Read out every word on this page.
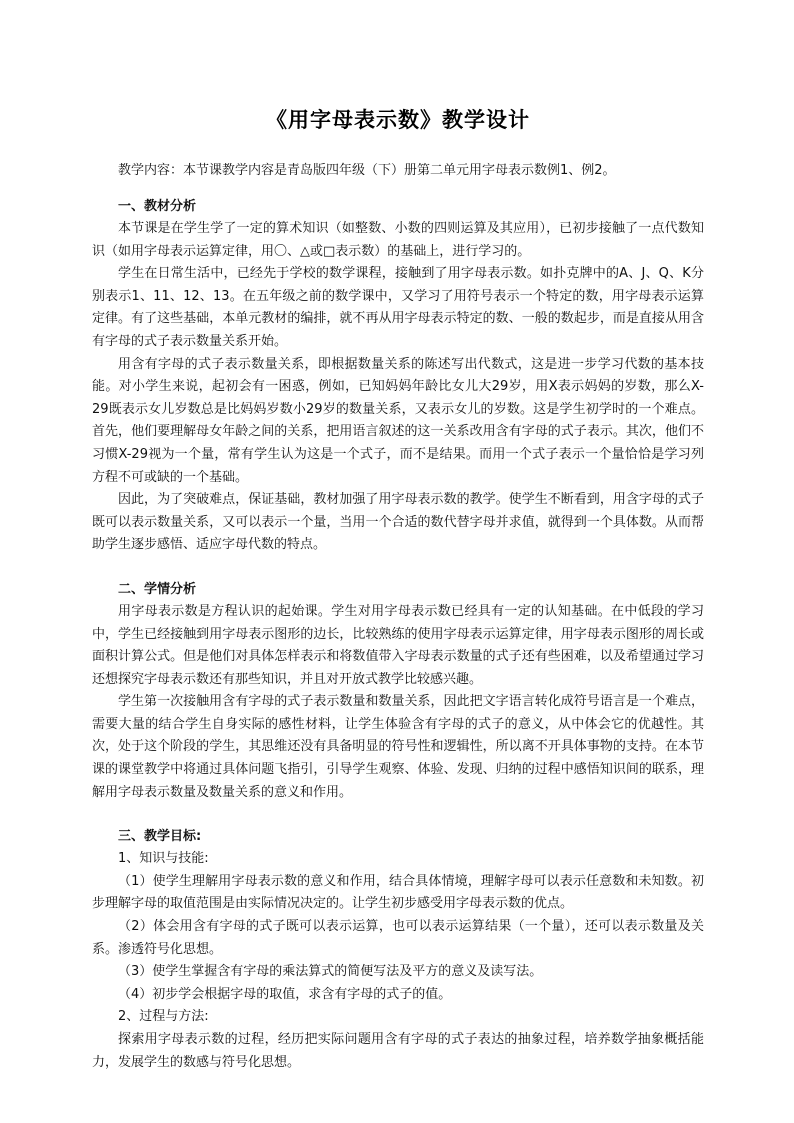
《用字母表示数》教学设计
教学内容：本节课教学内容是青岛版四年级（下）册第二单元用字母表示数例1、例2。
一、教材分析

本节课是在学生学了一定的算术知识（如整数、小数的四则运算及其应用），已初步接触了一点代数知识（如用字母表示运算定律，用〇、△或□表示数）的基础上，进行学习的。

学生在日常生活中，已经先于学校的数学课程，接触到了用字母表示数。如扑克牌中的A、J、Q、K分别表示1、11、12、13。在五年级之前的数学课中，又学习了用符号表示一个特定的数，用字母表示运算定律。有了这些基础，本单元教材的编排，就不再从用字母表示特定的数、一般的数起步，而是直接从用含有字母的式子表示数量关系开始。

用含有字母的式子表示数量关系，即根据数量关系的陈述写出代数式，这是进一步学习代数的基本技能。对小学生来说，起初会有一困惑，例如，已知妈妈年龄比女儿大29岁，用X表示妈妈的岁数，那么X-29既表示女儿岁数总是比妈妈岁数小29岁的数量关系，又表示女儿的岁数。这是学生初学时的一个难点。首先，他们要理解母女年龄之间的关系，把用语言叙述的这一关系改用含有字母的式子表示。其次，他们不习惯X-29视为一个量，常有学生认为这是一个式子，而不是结果。而用一个式子表示一个量恰恰是学习列方程不可或缺的一个基础。

因此，为了突破难点，保证基础，教材加强了用字母表示数的教学。使学生不断看到，用含字母的式子既可以表示数量关系，又可以表示一个量，当用一个合适的数代替字母并求值，就得到一个具体数。从而帮助学生逐步感悟、适应字母代数的特点。

二、学情分析

用字母表示数是方程认识的起始课。学生对用字母表示数已经具有一定的认知基础。在中低段的学习中，学生已经接触到用字母表示图形的边长，比较熟练的使用字母表示运算定律，用字母表示图形的周长或面积计算公式。但是他们对具体怎样表示和将数值带入字母表示数量的式子还有些困难，以及希望通过学习还想探究字母表示数还有那些知识，并且对开放式教学比较感兴趣。

学生第一次接触用含有字母的式子表示数量和数量关系，因此把文字语言转化成符号语言是一个难点，需要大量的结合学生自身实际的感性材料，让学生体验含有字母的式子的意义，从中体会它的优越性。其次，处于这个阶段的学生，其思维还没有具备明显的符号性和逻辑性，所以离不开具体事物的支持。在本节课的课堂教学中将通过具体问题飞指引，引导学生观察、体验、发现、归纳的过程中感悟知识间的联系，理解用字母表示数量及数量关系的意义和作用。

三、教学目标:

1、知识与技能:

（1）使学生理解用字母表示数的意义和作用，结合具体情境，理解字母可以表示任意数和未知数。初步理解字母的取值范围是由实际情况决定的。让学生初步感受用字母表示数的优点。

（2）体会用含有字母的式子既可以表示运算，也可以表示运算结果（一个量），还可以表示数量及关系。渗透符号化思想。

（3）使学生掌握含有字母的乘法算式的简便写法及平方的意义及读写法。

（4）初步学会根据字母的取值，求含有字母的式子的值。

2、过程与方法:

探索用字母表示数的过程，经历把实际问题用含有字母的式子表达的抽象过程，培养数学抽象概括能力，发展学生的数感与符号化思想。
